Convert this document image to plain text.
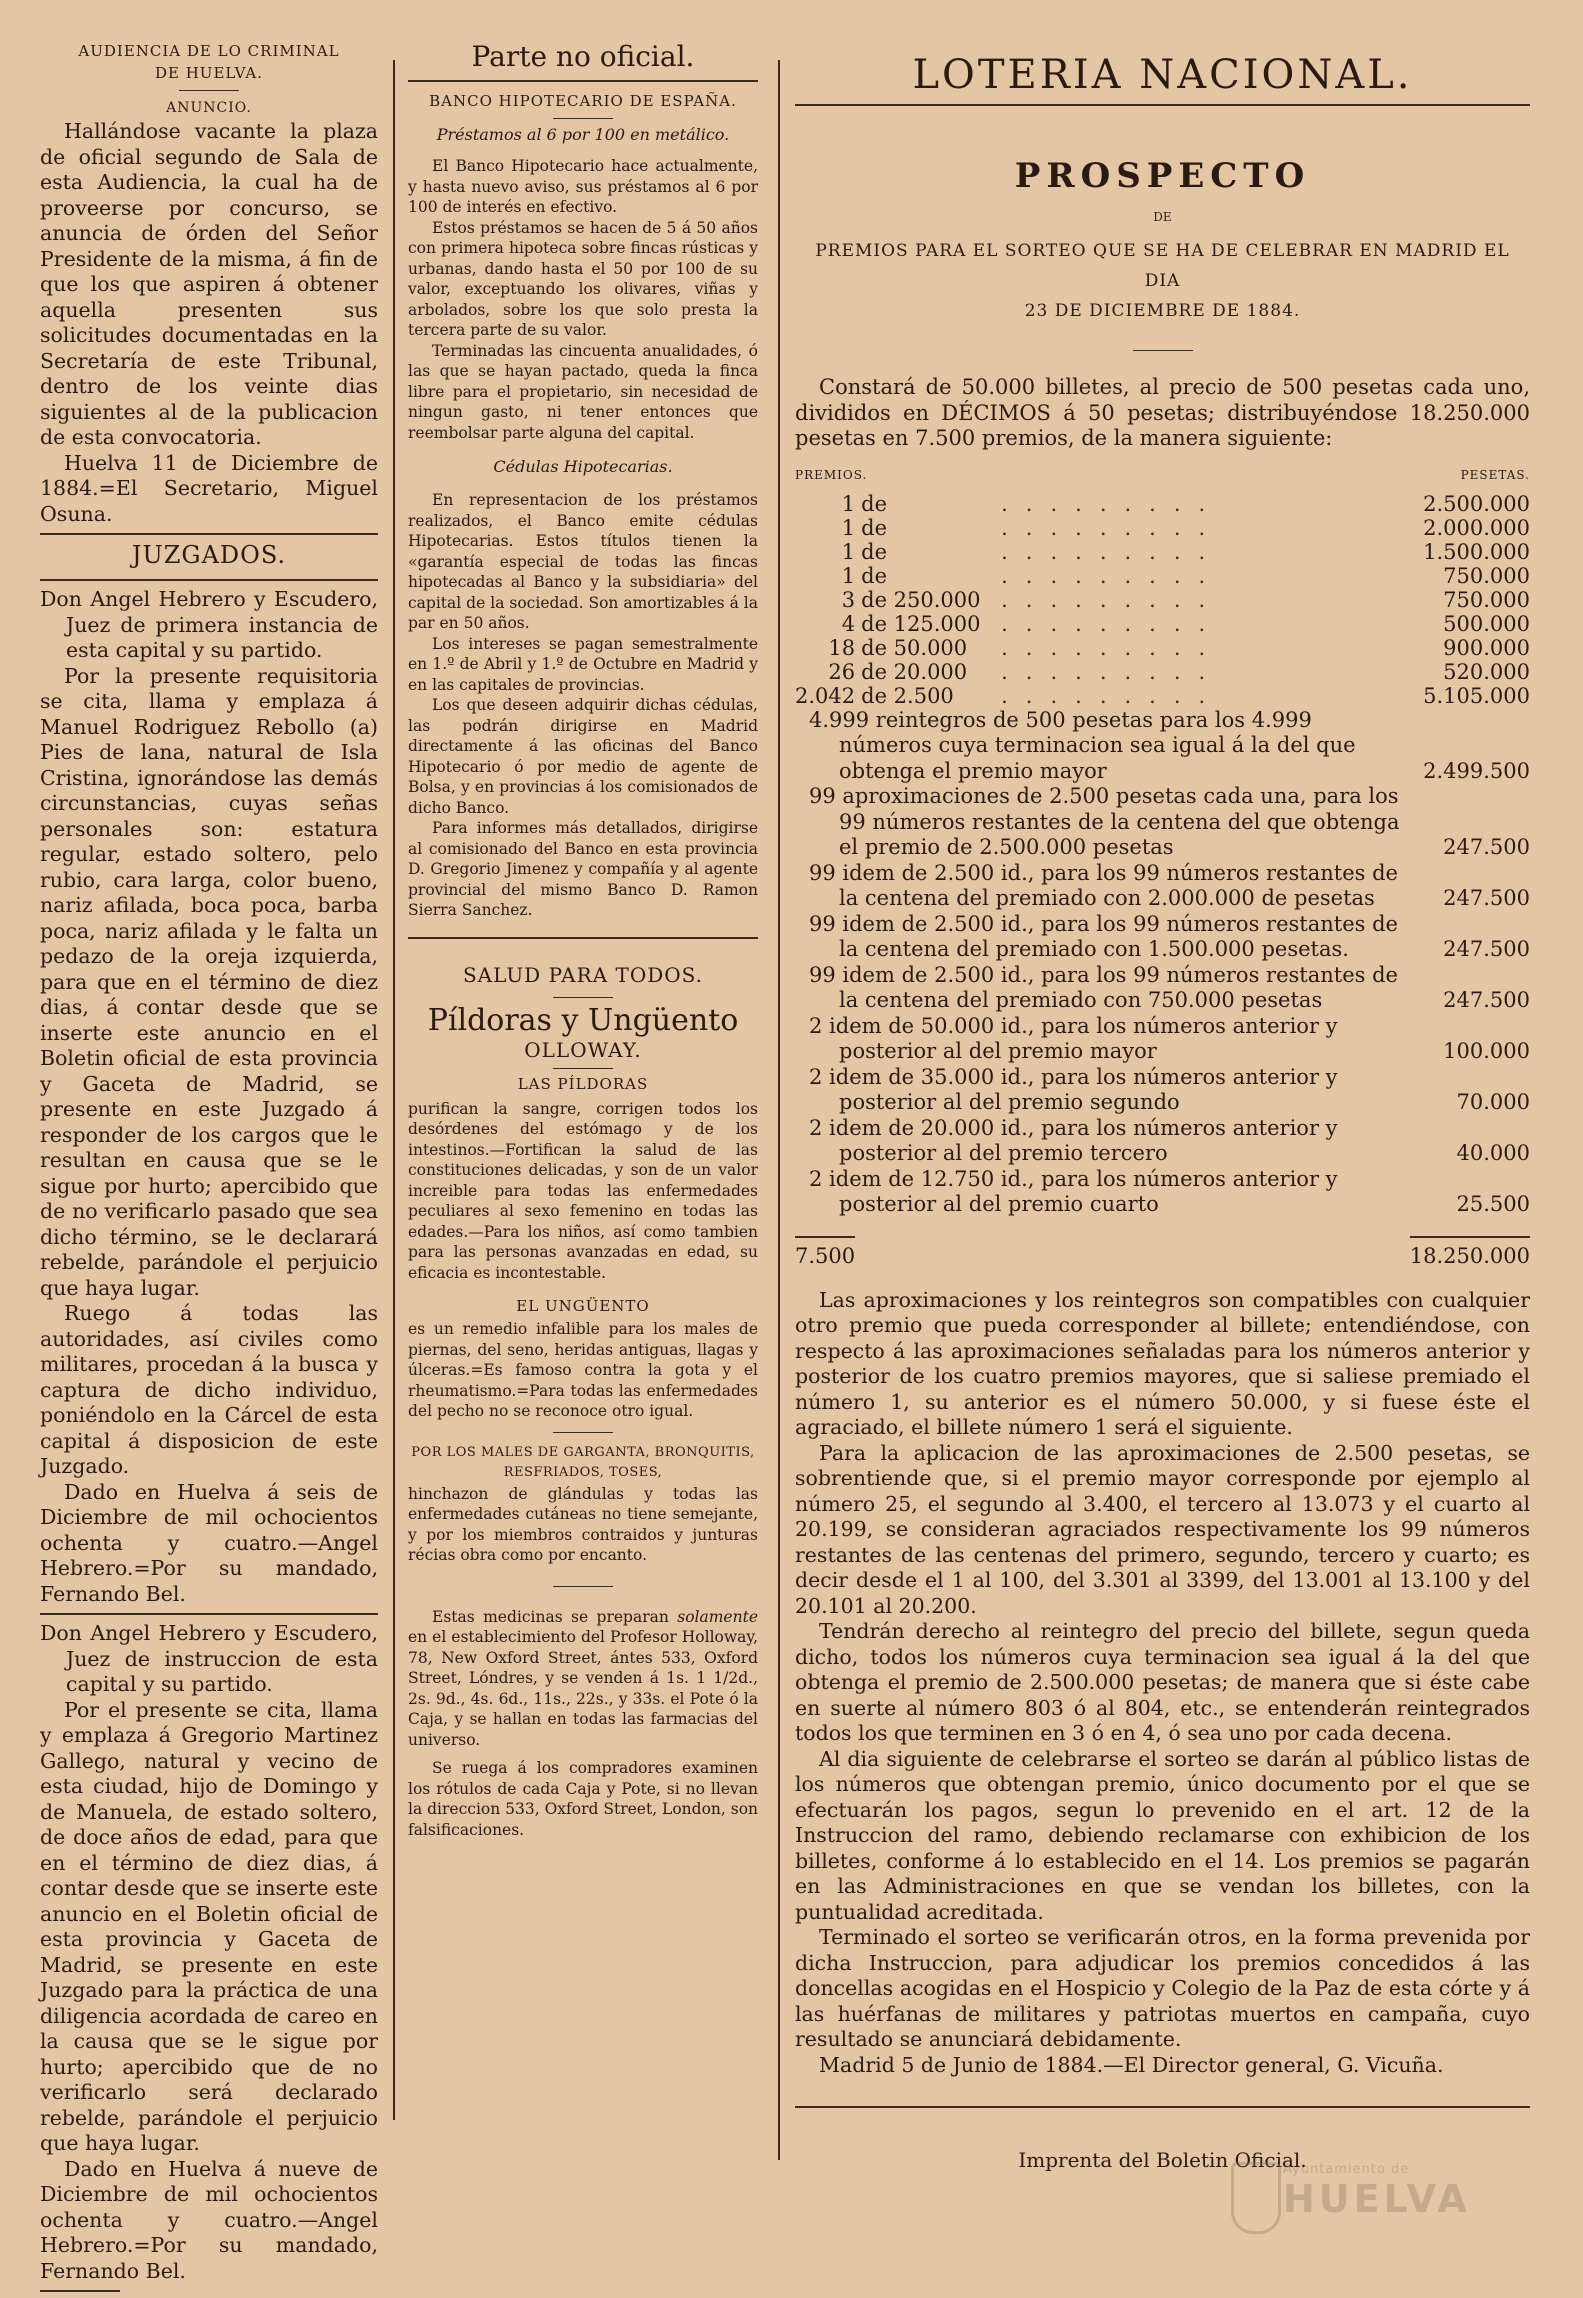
AUDIENCIA DE LO CRIMINAL
DE HUELVA.
ANUNCIO.

Hallándose vacante la plaza de oficial segundo de Sala de esta Audiencia, la cual ha de proveerse por concurso, se anuncia de órden del Señor Presidente de la misma, á fin de que los que aspiren á obtener aquella presenten sus solicitudes documentadas en la Secretaría de este Tribunal, dentro de los veinte dias siguientes al de la publicacion de esta convocatoria.

Huelva 11 de Diciembre de 1884.=El Secretario, Miguel Osuna.

JUZGADOS.

Don Angel Hebrero y Escudero, Juez de primera instancia de esta capital y su partido.

Por la presente requisitoria se cita, llama y emplaza á Manuel Rodriguez Rebollo (a) Pies de lana, natural de Isla Cristina, ignorándose las demás circunstancias, cuyas señas personales son: estatura regular, estado soltero, pelo rubio, cara larga, color bueno, nariz afilada, boca poca, barba poca, nariz afilada y le falta un pedazo de la oreja izquierda, para que en el término de diez dias, á contar desde que se inserte este anuncio en el Boletin oficial de esta provincia y Gaceta de Madrid, se presente en este Juzgado á responder de los cargos que le resultan en causa que se le sigue por hurto; apercibido que de no verificarlo pasado que sea dicho término, se le declarará rebelde, parándole el perjuicio que haya lugar.

Ruego á todas las autoridades, así civiles como militares, procedan á la busca y captura de dicho individuo, poniéndolo en la Cárcel de esta capital á disposicion de este Juzgado.

Dado en Huelva á seis de Diciembre de mil ochocientos ochenta y cuatro.—Angel Hebrero.=Por su mandado, Fernando Bel.

Don Angel Hebrero y Escudero, Juez de instruccion de esta capital y su partido.

Por el presente se cita, llama y emplaza á Gregorio Martinez Gallego, natural y vecino de esta ciudad, hijo de Domingo y de Manuela, de estado soltero, de doce años de edad, para que en el término de diez dias, á contar desde que se inserte este anuncio en el Boletin oficial de esta provincia y Gaceta de Madrid, se presente en este Juzgado para la práctica de una diligencia acordada de careo en la causa que se le sigue por hurto; apercibido que de no verificarlo será declarado rebelde, parándole el perjuicio que haya lugar.

Dado en Huelva á nueve de Diciembre de mil ochocientos ochenta y cuatro.—Angel Hebrero.=Por su mandado, Fernando Bel.

Parte no oficial.
BANCO HIPOTECARIO DE ESPAÑA.

Préstamos al 6 por 100 en metálico.

El Banco Hipotecario hace actualmente, y hasta nuevo aviso, sus préstamos al 6 por 100 de interés en efectivo.

Estos préstamos se hacen de 5 á 50 años con primera hipoteca sobre fincas rústicas y urbanas, dando hasta el 50 por 100 de su valor, exceptuando los olivares, viñas y arbolados, sobre los que solo presta la tercera parte de su valor.

Terminadas las cincuenta anualidades, ó las que se hayan pactado, queda la finca libre para el propietario, sin necesidad de ningun gasto, ni tener entonces que reembolsar parte alguna del capital.

Cédulas Hipotecarias.

En representacion de los préstamos realizados, el Banco emite cédulas Hipotecarias. Estos títulos tienen la «garantía especial de todas las fincas hipotecadas al Banco y la subsidiaria» del capital de la sociedad. Son amortizables á la par en 50 años.

Los intereses se pagan semestralmente en 1.º de Abril y 1.º de Octubre en Madrid y en las capitales de provincias.

Los que deseen adquirir dichas cédulas, las podrán dirigirse en Madrid directamente á las oficinas del Banco Hipotecario ó por medio de agente de Bolsa, y en provincias á los comisionados de dicho Banco.

Para informes más detallados, dirigirse al comisionado del Banco en esta provincia D. Gregorio Jimenez y compañía y al agente provincial del mismo Banco D. Ramon Sierra Sanchez.

SALUD PARA TODOS.
Píldoras y Ungüento
OLLOWAY.
LAS PÍLDORAS

purifican la sangre, corrigen todos los desórdenes del estómago y de los intestinos.—Fortifican la salud de las constituciones delicadas, y son de un valor increible para todas las enfermedades peculiares al sexo femenino en todas las edades.—Para los niños, así como tambien para las personas avanzadas en edad, su eficacia es incontestable.

EL UNGÜENTO

es un remedio infalible para los males de piernas, del seno, heridas antiguas, llagas y úlceras.=Es famoso contra la gota y el rheumatismo.=Para todas las enfermedades del pecho no se reconoce otro igual.

POR LOS MALES DE GARGANTA, BRONQUITIS, RESFRIADOS, TOSES,

hinchazon de glándulas y todas las enfermedades cutáneas no tiene semejante, y por los miembros contraidos y junturas récias obra como por encanto.

Estas medicinas se preparan solamente en el establecimiento del Profesor Holloway, 78, New Oxford Street, ántes 533, Oxford Street, Lóndres, y se venden á 1s. 1 1/2d., 2s. 9d., 4s. 6d., 11s., 22s., y 33s. el Pote ó la Caja, y se hallan en todas las farmacias del universo.

Se ruega á los compradores examinen los rótulos de cada Caja y Pote, si no llevan la direccion 533, Oxford Street, London, son falsificaciones.

LOTERIA NACIONAL.
PROSPECTO
DE
PREMIOS PARA EL SORTEO QUE SE HA DE CELEBRAR EN MADRID EL DIA
23 DE DICIEMBRE DE 1884.

Constará de 50.000 billetes, al precio de 500 pesetas cada uno, divididos en DÉCIMOS á 50 pesetas; distribuyéndose 18.250.000 pesetas en 7.500 premios, de la manera siguiente:

PREMIOS.	PESETAS.
1	de	.........	2.500.000
1	de	.........	2.000.000
1	de	.........	1.500.000
1	de	.........	750.000
3	de 250.000	.........	750.000
4	de 125.000	.........	500.000
18	de 50.000	.........	900.000
26	de 20.000	.........	520.000
2.042	de 2.500	.........	5.105.000
4.999 reintegros de 500 pesetas para los 4.999 números cuya terminacion sea igual á la del que obtenga el premio mayor	2.499.500
99 aproximaciones de 2.500 pesetas cada una, para los 99 números restantes de la centena del que obtenga el premio de 2.500.000 pesetas	247.500
99 idem de 2.500 id., para los 99 números restantes de la centena del premiado con 2.000.000 de pesetas	247.500
99 idem de 2.500 id., para los 99 números restantes de la centena del premiado con 1.500.000 pesetas.	247.500
99 idem de 2.500 id., para los 99 números restantes de la centena del premiado con 750.000 pesetas	247.500
2 idem de 50.000 id., para los números anterior y posterior al del premio mayor	100.000
2 idem de 35.000 id., para los números anterior y posterior al del premio segundo	70.000
2 idem de 20.000 id., para los números anterior y posterior al del premio tercero	40.000
2 idem de 12.750 id., para los números anterior y posterior al del premio cuarto	25.500
7.500	18.250.000

Las aproximaciones y los reintegros son compatibles con cualquier otro premio que pueda corresponder al billete; entendiéndose, con respecto á las aproximaciones señaladas para los números anterior y posterior de los cuatro premios mayores, que si saliese premiado el número 1, su anterior es el número 50.000, y si fuese éste el agraciado, el billete número 1 será el siguiente.

Para la aplicacion de las aproximaciones de 2.500 pesetas, se sobrentiende que, si el premio mayor corresponde por ejemplo al número 25, el segundo al 3.400, el tercero al 13.073 y el cuarto al 20.199, se consideran agraciados respectivamente los 99 números restantes de las centenas del primero, segundo, tercero y cuarto; es decir desde el 1 al 100, del 3.301 al 3399, del 13.001 al 13.100 y del 20.101 al 20.200.

Tendrán derecho al reintegro del precio del billete, segun queda dicho, todos los números cuya terminacion sea igual á la del que obtenga el premio de 2.500.000 pesetas; de manera que si éste cabe en suerte al número 803 ó al 804, etc., se entenderán reintegrados todos los que terminen en 3 ó en 4, ó sea uno por cada decena.

Al dia siguiente de celebrarse el sorteo se darán al público listas de los números que obtengan premio, único documento por el que se efectuarán los pagos, segun lo prevenido en el art. 12 de la Instruccion del ramo, debiendo reclamarse con exhibicion de los billetes, conforme á lo establecido en el 14. Los premios se pagarán en las Administraciones en que se vendan los billetes, con la puntualidad acreditada.

Terminado el sorteo se verificarán otros, en la forma prevenida por dicha Instruccion, para adjudicar los premios concedidos á las doncellas acogidas en el Hospicio y Colegio de la Paz de esta córte y á las huérfanas de militares y patriotas muertos en campaña, cuyo resultado se anunciará debidamente.

Madrid 5 de Junio de 1884.—El Director general, G. Vicuña.

Imprenta del Boletin Oficial.
Ayuntamiento de
HUELVA
